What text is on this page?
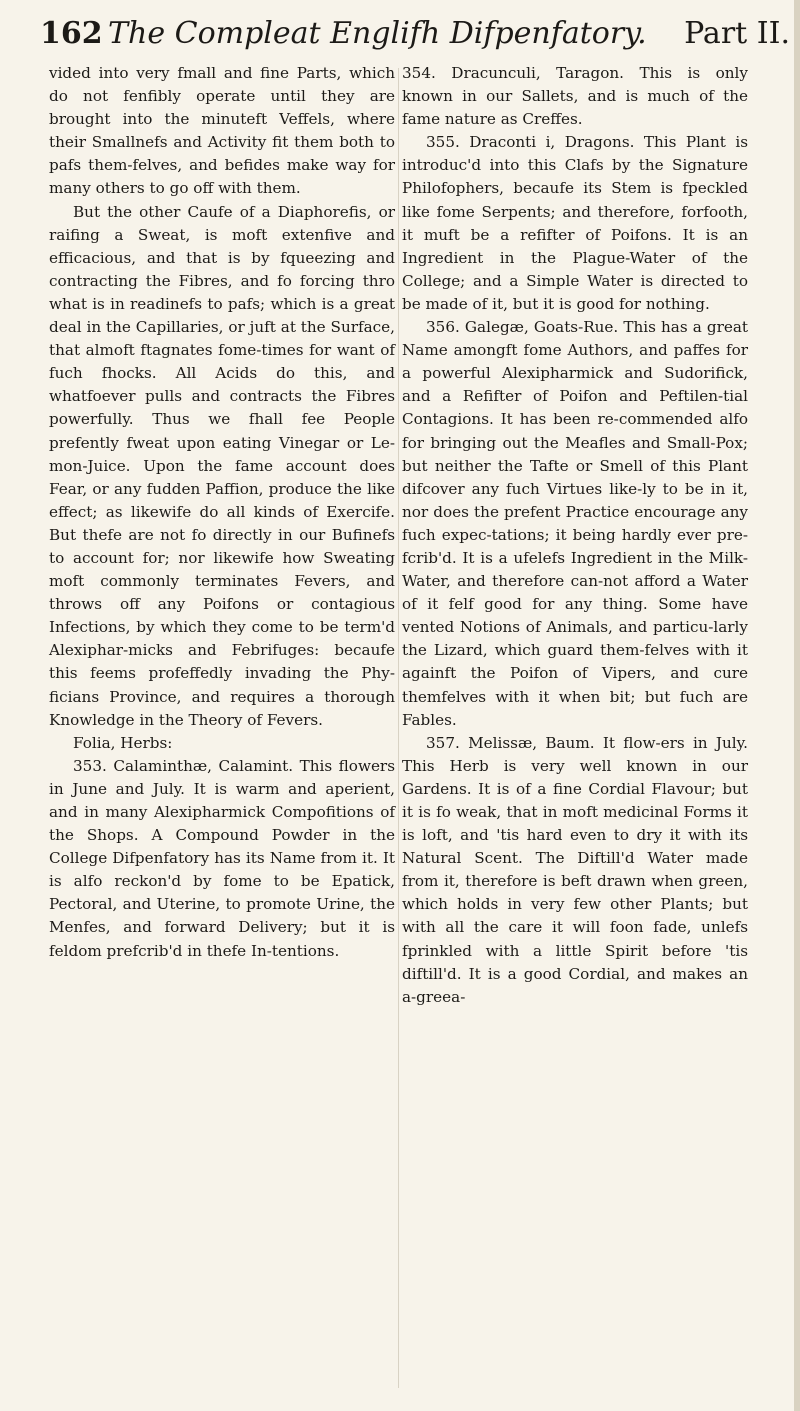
162 The Compleat Englifh Difpenfatory. Part II.

vided into very fmall and fine Parts, which do not fenfibly operate until they are brought into the minuteft Veffels, where their Smallnefs and Activity fit them both to pafs them-felves, and befides make way for many others to go off with them.

But the other Caufe of a Diaphorefis, or raifing a Sweat, is moft extenfive and efficacious, and that is by fqueezing and contracting the Fibres, and fo forcing thro what is in readinefs to pafs; which is a great deal in the Capillaries, or juft at the Surface, that almoft ftagnates fome-times for want of fuch fhocks. All Acids do this, and whatfoever pulls and contracts the Fibres powerfully. Thus we fhall fee People prefently fweat upon eating Vinegar or Le-mon-Juice. Upon the fame account does Fear, or any fudden Paffion, produce the like effect; as likewife do all kinds of Exercife. But thefe are not fo directly in our Bufinefs to account for; nor likewife how Sweating moft commonly terminates Fevers, and throws off any Poifons or contagious Infections, by which they come to be term'd Alexiphar-micks and Febrifuges: becaufe this feems profeffedly invading the Phy-ficians Province, and requires a thorough Knowledge in the Theory of Fevers.

Folia, Herbs:

353. Calaminthæ, Calamint. This flowers in June and July. It is warm and aperient, and in many Alexipharmick Compofitions of the Shops. A Compound Powder in the College Difpenfatory has its Name from it. It is alfo reckon'd by fome to be Epatick, Pectoral, and Uterine, to promote Urine, the Menfes, and forward Delivery; but it is feldom prefcrib'd in thefe In-tentions.

354. Dracunculi, Taragon. This is only known in our Sallets, and is much of the fame nature as Creffes.

355. Draconti i, Dragons. This Plant is introduc'd into this Clafs by the Signature Philofophers, becaufe its Stem is fpeckled like fome Serpents; and therefore, forfooth, it muft be a refifter of Poifons. It is an Ingredient in the Plague-Water of the College; and a Simple Water is directed to be made of it, but it is good for nothing.

356. Galegæ, Goats-Rue. This has a great Name amongft fome Authors, and paffes for a powerful Alexipharmick and Sudorifick, and a Refifter of Poifon and Peftilen-tial Contagions. It has been re-commended alfo for bringing out the Meafles and Small-Pox; but neither the Tafte or Smell of this Plant difcover any fuch Virtues like-ly to be in it, nor does the prefent Practice encourage any fuch expec-tations; it being hardly ever pre-fcrib'd. It is a ufelefs Ingredient in the Milk-Water, and therefore can-not afford a Water of it felf good for any thing. Some have vented Notions of Animals, and particu-larly the Lizard, which guard them-felves with it againft the Poifon of Vipers, and cure themfelves with it when bit; but fuch are Fables.

357. Melissæ, Baum. It flow-ers in July. This Herb is very well known in our Gardens. It is of a fine Cordial Flavour; but it is fo weak, that in moft medicinal Forms it is loft, and 'tis hard even to dry it with its Natural Scent. The Diftill'd Water made from it, therefore is beft drawn when green, which holds in very few other Plants; but with all the care it will foon fade, unlefs fprinkled with a little Spirit before 'tis diftill'd. It is a good Cordial, and makes an a-greea-
